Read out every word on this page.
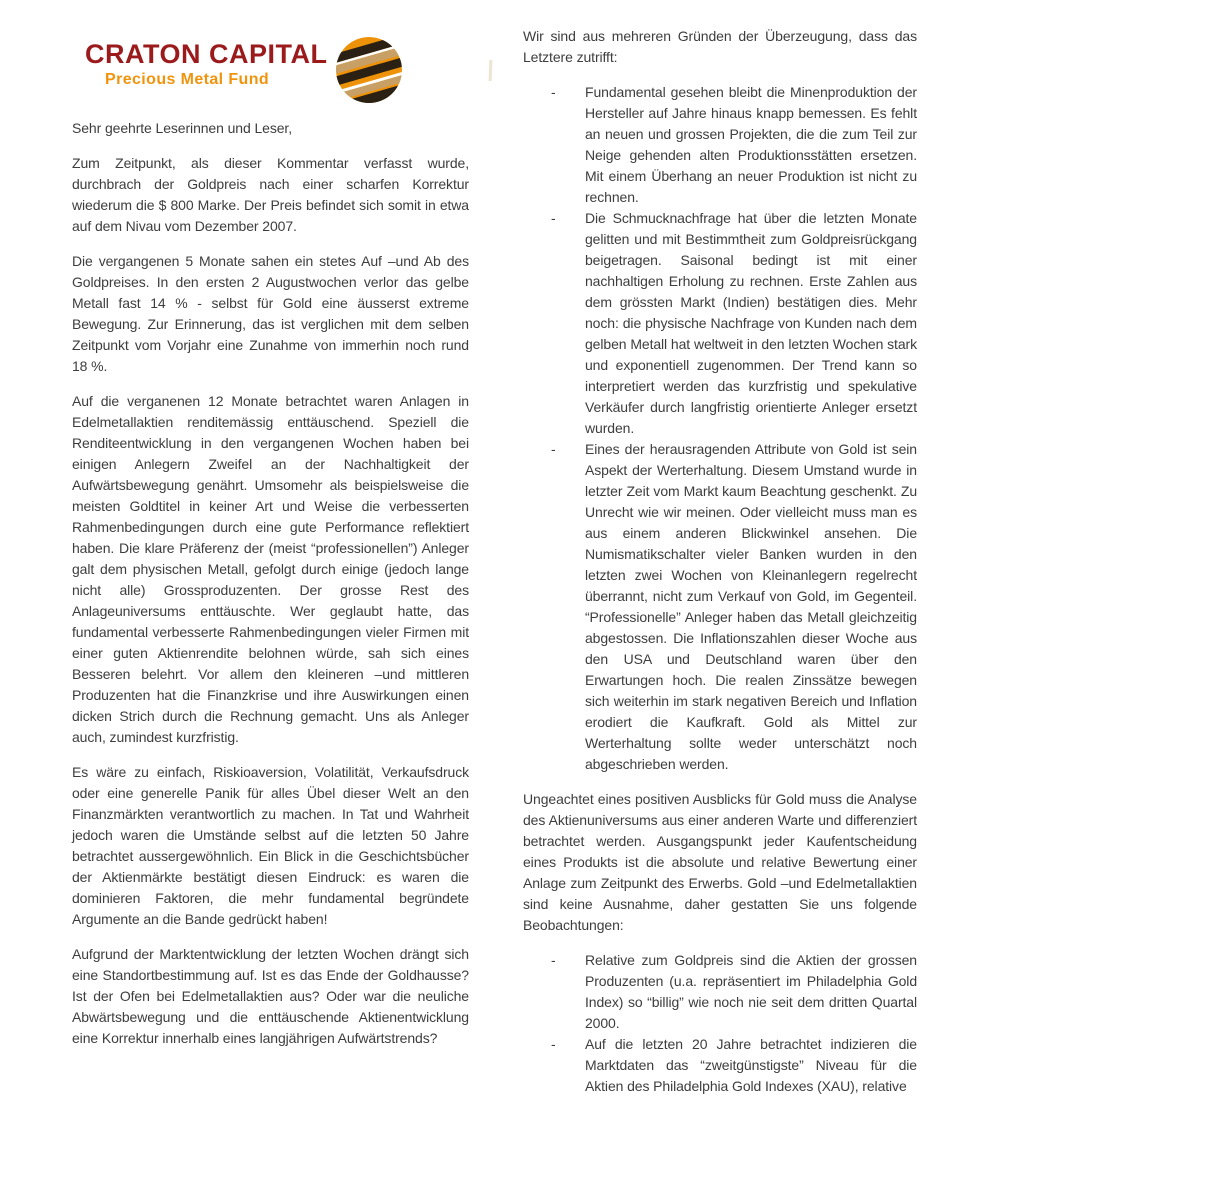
CRATON CAPITAL
Precious Metal Fund

Sehr geehrte Leserinnen und Leser,

Zum Zeitpunkt, als dieser Kommentar verfasst wurde, durchbrach der Goldpreis nach einer scharfen Korrektur wiederum die $ 800 Marke. Der Preis befindet sich somit in etwa auf dem Nivau vom Dezember 2007.

Die vergangenen 5 Monate sahen ein stetes Auf –und Ab des Goldpreises. In den ersten 2 Augustwochen verlor das gelbe Metall fast 14 % - selbst für Gold eine äusserst extreme Bewegung. Zur Erinnerung, das ist verglichen mit dem selben Zeitpunkt vom Vorjahr eine Zunahme von immerhin noch rund 18 %.

Auf die verganenen 12 Monate betrachtet waren Anlagen in Edelmetallaktien renditemässig enttäuschend. Speziell die Renditeentwicklung in den vergangenen Wochen haben bei einigen Anlegern Zweifel an der Nachhaltigkeit der Aufwärtsbewegung genährt. Umsomehr als beispielsweise die meisten Goldtitel in keiner Art und Weise die verbesserten Rahmenbedingungen durch eine gute Performance reflektiert haben. Die klare Präferenz der (meist “professionellen”) Anleger galt dem physischen Metall, gefolgt durch einige (jedoch lange nicht alle) Grossproduzenten. Der grosse Rest des Anlageuniversums enttäuschte. Wer geglaubt hatte, das fundamental verbesserte Rahmenbedingungen vieler Firmen mit einer guten Aktienrendite belohnen würde, sah sich eines Besseren belehrt. Vor allem den kleineren –und mittleren Produzenten hat die Finanzkrise und ihre Auswirkungen einen dicken Strich durch die Rechnung gemacht. Uns als Anleger auch, zumindest kurzfristig.

Es wäre zu einfach, Riskioaversion, Volatilität, Verkaufsdruck oder eine generelle Panik für alles Übel dieser Welt an den Finanzmärkten verantwortlich zu machen. In Tat und Wahrheit jedoch waren die Umstände selbst auf die letzten 50 Jahre betrachtet aussergewöhnlich. Ein Blick in die Geschichtsbücher der Aktienmärkte bestätigt diesen Eindruck: es waren die dominieren Faktoren, die mehr fundamental begründete Argumente an die Bande gedrückt haben!

Aufgrund der Marktentwicklung der letzten Wochen drängt sich eine Standortbestimmung auf. Ist es das Ende der Goldhausse? Ist der Ofen bei Edelmetallaktien aus? Oder war die neuliche Abwärtsbewegung und die enttäuschende Aktienentwicklung eine Korrektur innerhalb eines langjährigen Aufwärtstrends?

Wir sind aus mehreren Gründen der Überzeugung, dass das Letztere zutrifft:

-	Fundamental gesehen bleibt die Minenproduktion der Hersteller auf Jahre hinaus knapp bemessen. Es fehlt an neuen und grossen Projekten, die die zum Teil zur Neige gehenden alten Produktionsstätten ersetzen. Mit einem Überhang an neuer Produktion ist nicht zu rechnen.
-	Die Schmucknachfrage hat über die letzten Monate gelitten und mit Bestimmtheit zum Goldpreisrückgang beigetragen. Saisonal bedingt ist mit einer nachhaltigen Erholung zu rechnen. Erste Zahlen aus dem grössten Markt (Indien) bestätigen dies. Mehr noch: die physische Nachfrage von Kunden nach dem gelben Metall hat weltweit in den letzten Wochen stark und exponentiell zugenommen. Der Trend kann so interpretiert werden das kurzfristig und spekulative Verkäufer durch langfristig orientierte Anleger ersetzt wurden.
-	Eines der herausragenden Attribute von Gold ist sein Aspekt der Werterhaltung. Diesem Umstand wurde in letzter Zeit vom Markt kaum Beachtung geschenkt. Zu Unrecht wie wir meinen. Oder vielleicht muss man es aus einem anderen Blickwinkel ansehen. Die Numismatikschalter vieler Banken wurden in den letzten zwei Wochen von Kleinanlegern regelrecht überrannt, nicht zum Verkauf von Gold, im Gegenteil. “Professionelle” Anleger haben das Metall gleichzeitig abgestossen. Die Inflationszahlen dieser Woche aus den USA und Deutschland waren über den Erwartungen hoch. Die realen Zinssätze bewegen sich weiterhin im stark negativen Bereich und Inflation erodiert die Kaufkraft. Gold als Mittel zur Werterhaltung sollte weder unterschätzt noch abgeschrieben werden.

Ungeachtet eines positiven Ausblicks für Gold muss die Analyse des Aktienuniversums aus einer anderen Warte und differenziert betrachtet werden. Ausgangspunkt jeder Kaufentscheidung eines Produkts ist die absolute und relative Bewertung einer Anlage zum Zeitpunkt des Erwerbs. Gold –und Edelmetallaktien sind keine Ausnahme, daher gestatten Sie uns folgende Beobachtungen:

-	Relative zum Goldpreis sind die Aktien der grossen Produzenten (u.a. repräsentiert im Philadelphia Gold Index) so “billig” wie noch nie seit dem dritten Quartal 2000.
-	Auf die letzten 20 Jahre betrachtet indizieren die Marktdaten das “zweitgünstigste” Niveau für die Aktien des Philadelphia Gold Indexes (XAU), relative
